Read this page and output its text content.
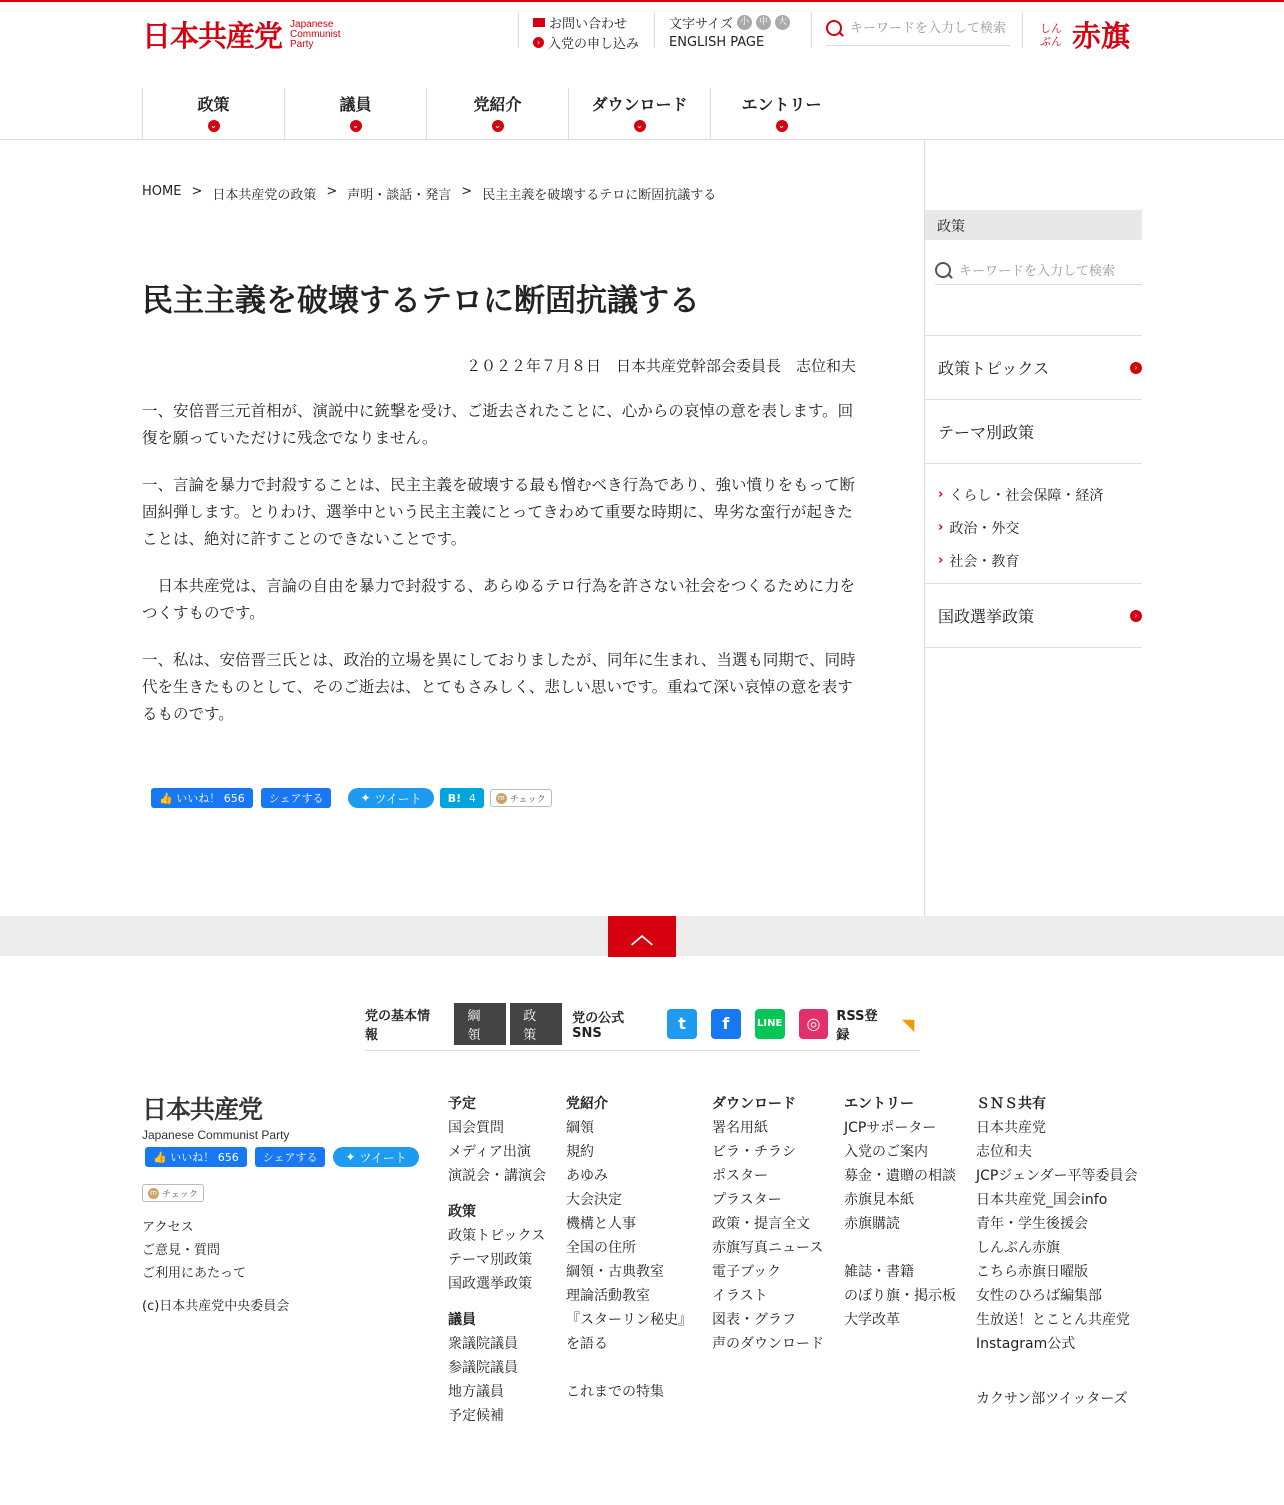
日本共産党 Japanese
Communist
Party
お問い合わせ
› 入党の申し込み
文字サイズ 小	中	大
ENGLISH PAGE
キーワードを入力して検索
しんぶん 赤旗
政策
⌄
議員
⌄
党紹介
⌄
ダウンロード
⌄
エントリー
⌄
HOME > 日本共産党の政策 > 声明・談話・発言 > 民主主義を破壊するテロに断固抗議する
民主主義を破壊するテロに断固抗議する
２０２２年７月８日　日本共産党幹部会委員長　志位和夫

一、安倍晋三元首相が、演説中に銃撃を受け、ご逝去されたことに、心からの哀悼の意を表します。回復を願っていただけに残念でなりません。

一、言論を暴力で封殺することは、民主主義を破壊する最も憎むべき行為であり、強い憤りをもって断固糾弾します。とりわけ、選挙中という民主主義にとってきわめて重要な時期に、卑劣な蛮行が起きたことは、絶対に許すことのできないことです。

　日本共産党は、言論の自由を暴力で封殺する、あらゆるテロ行為を許さない社会をつくるために力をつくすものです。

一、私は、安倍晋三氏とは、政治的立場を異にしておりましたが、同年に生まれ、当選も同期で、同時代を生きたものとして、そのご逝去は、とてもさみしく、悲しい思いです。重ねて深い哀悼の意を表するものです。

👍 いいね！ 656	シェアする	✦ ツイート B! 4	m チェック
政策
キーワードを入力して検索
政策トピックス	›
テーマ別政策
› くらし・社会保障・経済
› 政治・外交
› 社会・教育
国政選挙政策	›
︿
党の基本情報
綱領
政策
党の公式SNS
t	f	LINE	◎	RSS登録
◥
日本共産党
Japanese Communist Party
👍 いいね！ 656	シェアする	✦ ツイート
m チェック
アクセス
ご意見・質問
ご利用にあたって
(c)日本共産党中央委員会
予定
国会質問
メディア出演
演説会・講演会
政策
政策トピックス
テーマ別政策
国政選挙政策
議員
衆議院議員
参議院議員
地方議員
予定候補
党紹介
綱領
規約
あゆみ
大会決定
機構と人事
全国の住所
綱領・古典教室
理論活動教室
『スターリン秘史』
を語る
これまでの特集
ダウンロード
署名用紙
ビラ・チラシ
ポスター
プラスター
政策・提言全文
赤旗写真ニュース
電子ブック
イラスト
図表・グラフ
声のダウンロード
エントリー
JCPサポーター
入党のご案内
募金・遺贈の相談
赤旗見本紙
赤旗購読
雑誌・書籍
のぼり旗・掲示板
大学改革
ＳＮＳ共有
日本共産党
志位和夫
JCPジェンダー平等委員会
日本共産党_国会info
青年・学生後援会
しんぶん赤旗
こちら赤旗日曜版
女性のひろば編集部
生放送！とことん共産党
Instagram公式
カクサン部ツイッターズ
